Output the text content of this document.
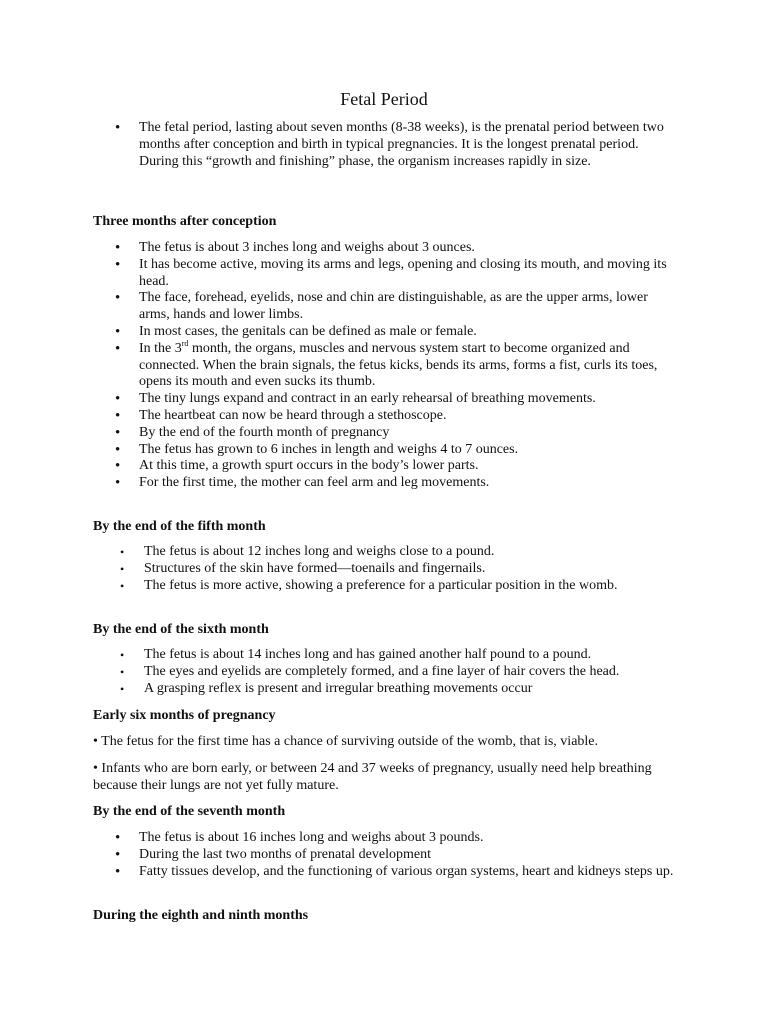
Fetal Period
• The fetal period, lasting about seven months (8-38 weeks), is the prenatal period between two months after conception and birth in typical pregnancies. It is the longest prenatal period. During this “growth and finishing” phase, the organism increases rapidly in size.
Three months after conception
• The fetus is about 3 inches long and weighs about 3 ounces.
• It has become active, moving its arms and legs, opening and closing its mouth, and moving its head.
• The face, forehead, eyelids, nose and chin are distinguishable, as are the upper arms, lower arms, hands and lower limbs.
• In most cases, the genitals can be defined as male or female.
• In the 3rd month, the organs, muscles and nervous system start to become organized and connected. When the brain signals, the fetus kicks, bends its arms, forms a fist, curls its toes, opens its mouth and even sucks its thumb.
• The tiny lungs expand and contract in an early rehearsal of breathing movements.
• The heartbeat can now be heard through a stethoscope.
• By the end of the fourth month of pregnancy
• The fetus has grown to 6 inches in length and weighs 4 to 7 ounces.
• At this time, a growth spurt occurs in the body’s lower parts.
• For the first time, the mother can feel arm and leg movements.
By the end of the fifth month
• The fetus is about 12 inches long and weighs close to a pound.
• Structures of the skin have formed—toenails and fingernails.
• The fetus is more active, showing a preference for a particular position in the womb.
By the end of the sixth month
• The fetus is about 14 inches long and has gained another half pound to a pound.
• The eyes and eyelids are completely formed, and a fine layer of hair covers the head.
• A grasping reflex is present and irregular breathing movements occur
Early six months of pregnancy
• The fetus for the first time has a chance of surviving outside of the womb, that is, viable.
• Infants who are born early, or between 24 and 37 weeks of pregnancy, usually need help breathing because their lungs are not yet fully mature.
By the end of the seventh month
• The fetus is about 16 inches long and weighs about 3 pounds.
• During the last two months of prenatal development
• Fatty tissues develop, and the functioning of various organ systems, heart and kidneys steps up.
During the eighth and ninth months
